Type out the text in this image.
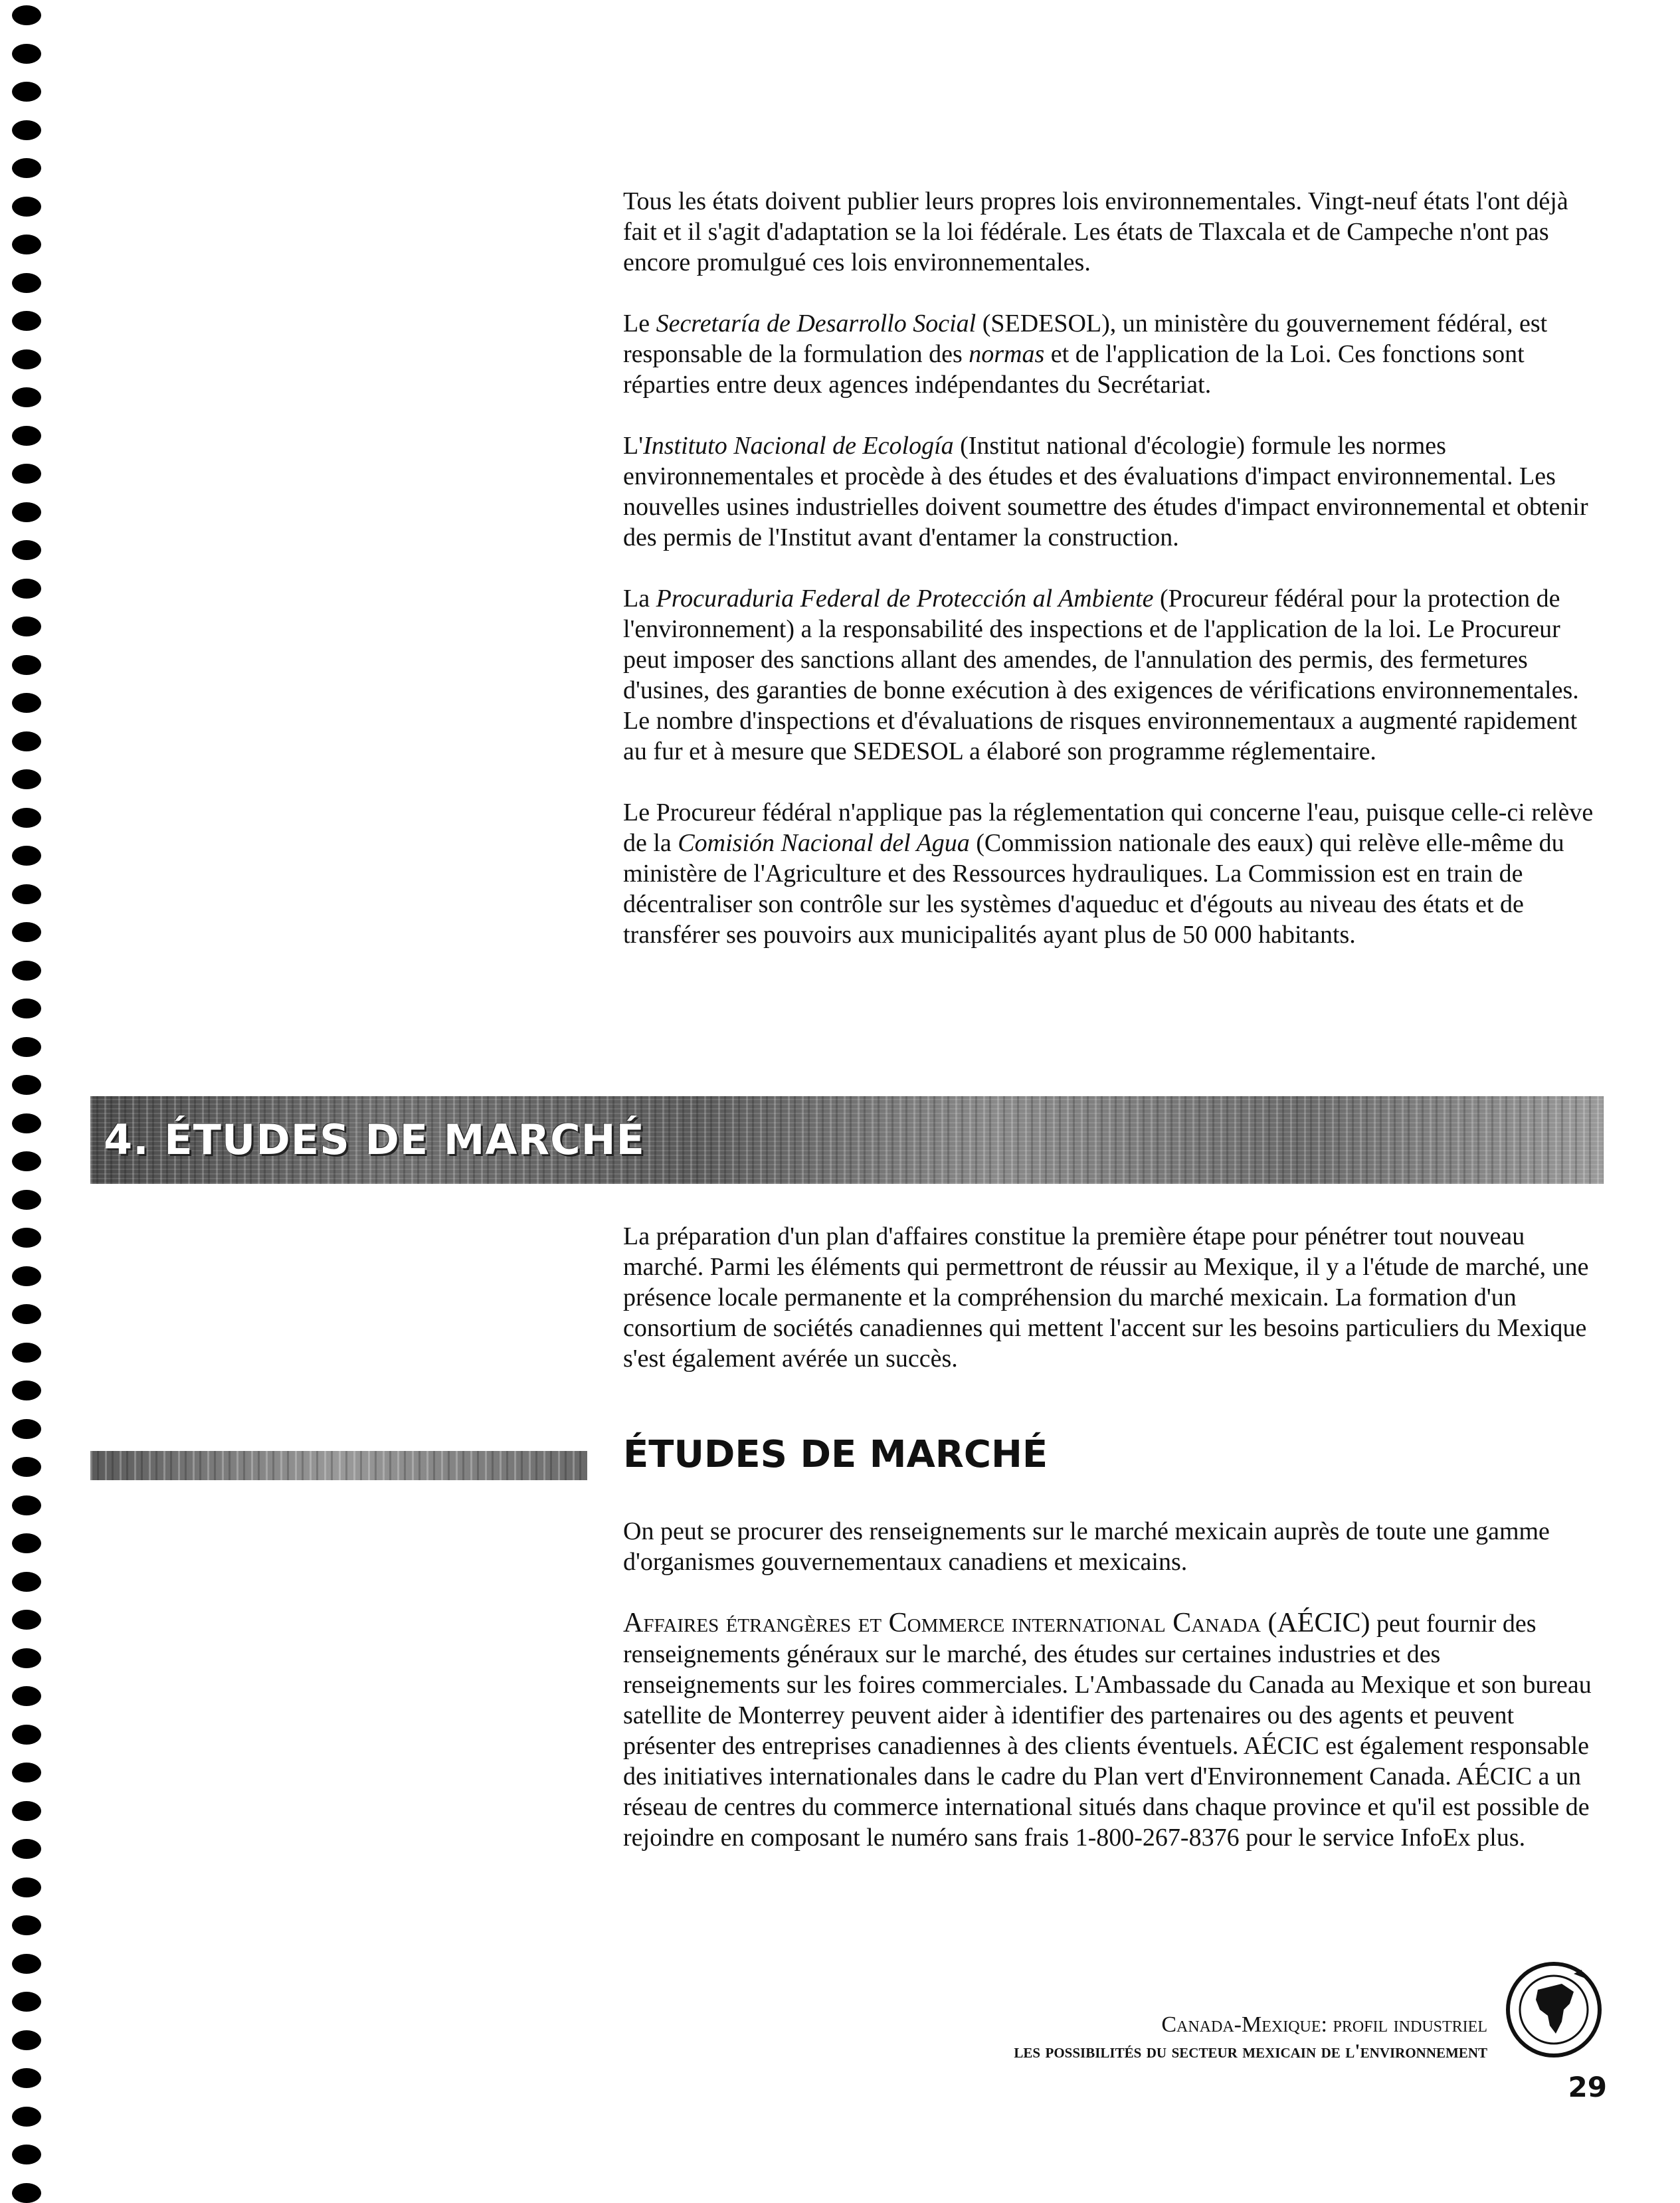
Tous les états doivent publier leurs propres lois environnementales. Vingt-neuf états l'ont déjà fait et il s'agit d'adaptation se la loi fédérale. Les états de Tlaxcala et de Campeche n'ont pas encore promulgué ces lois environnementales.

Le Secretaría de Desarrollo Social (SEDESOL), un ministère du gouvernement fédéral, est responsable de la formulation des normas et de l'application de la Loi. Ces fonctions sont réparties entre deux agences indépendantes du Secrétariat.

L'Instituto Nacional de Ecología (Institut national d'écologie) formule les normes environnementales et procède à des études et des évaluations d'impact environnemental. Les nouvelles usines industrielles doivent soumettre des études d'impact environnemental et obtenir des permis de l'Institut avant d'entamer la construction.

La Procuraduria Federal de Protección al Ambiente (Procureur fédéral pour la protection de l'environnement) a la responsabilité des inspections et de l'application de la loi. Le Procureur peut imposer des sanctions allant des amendes, de l'annulation des permis, des fermetures d'usines, des garanties de bonne exécution à des exigences de vérifications environnementales. Le nombre d'inspections et d'évaluations de risques environnementaux a augmenté rapidement au fur et à mesure que SEDESOL a élaboré son programme réglementaire.

Le Procureur fédéral n'applique pas la réglementation qui concerne l'eau, puisque celle-ci relève de la Comisión Nacional del Agua (Commission nationale des eaux) qui relève elle-même du ministère de l'Agriculture et des Ressources hydrauliques. La Commission est en train de décentraliser son contrôle sur les systèmes d'aqueduc et d'égouts au niveau des états et de transférer ses pouvoirs aux municipalités ayant plus de 50 000 habitants.

4. ÉTUDES DE MARCHÉ

La préparation d'un plan d'affaires constitue la première étape pour pénétrer tout nouveau marché. Parmi les éléments qui permettront de réussir au Mexique, il y a l'étude de marché, une présence locale permanente et la compréhension du marché mexicain. La formation d'un consortium de sociétés canadiennes qui mettent l'accent sur les besoins particuliers du Mexique s'est également avérée un succès.

ÉTUDES DE MARCHÉ

On peut se procurer des renseignements sur le marché mexicain auprès de toute une gamme d'organismes gouvernementaux canadiens et mexicains.

Affaires étrangères et Commerce international Canada (AÉCIC) peut fournir des renseignements généraux sur le marché, des études sur certaines industries et des renseignements sur les foires commerciales. L'Ambassade du Canada au Mexique et son bureau satellite de Monterrey peuvent aider à identifier des partenaires ou des agents et peuvent présenter des entreprises canadiennes à des clients éventuels. AÉCIC est également responsable des initiatives internationales dans le cadre du Plan vert d'Environnement Canada. AÉCIC a un réseau de centres du commerce international situés dans chaque province et qu'il est possible de rejoindre en composant le numéro sans frais 1-800-267-8376 pour le service InfoEx plus.

Canada-Mexique: profil industriel
les possibilités du secteur mexicain de l'environnement
29
